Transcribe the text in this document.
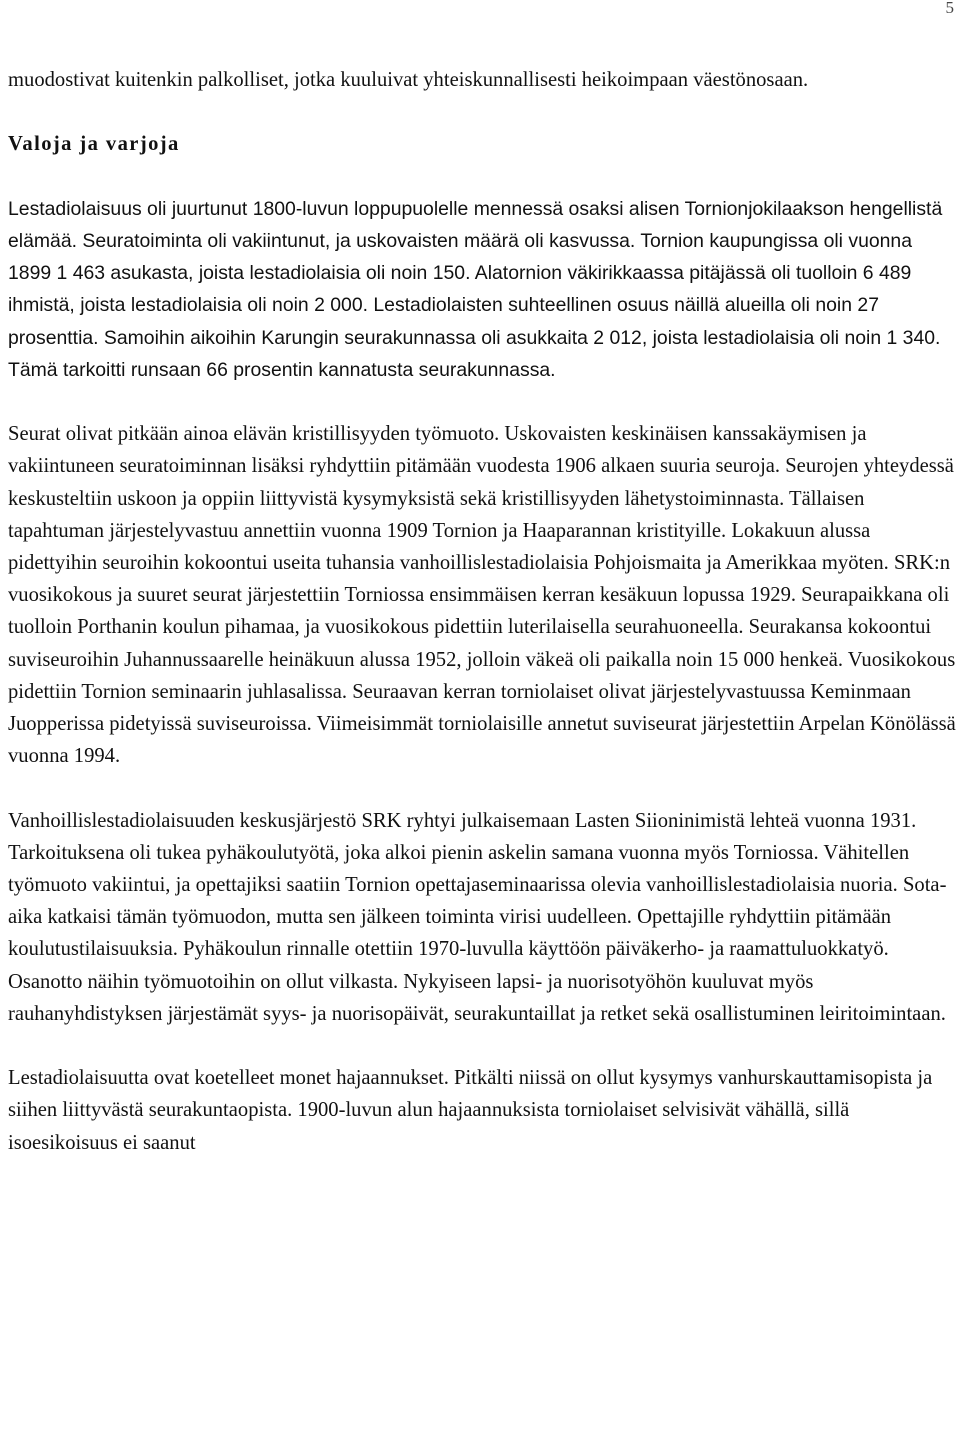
5

muodostivat kuitenkin palkolliset, jotka kuuluivat yhteiskunnallisesti heikoimpaan väestönosaan.

Valoja ja varjoja

Lestadiolaisuus oli juurtunut 1800-luvun loppupuolelle mennessä osaksi alisen Tornionjokilaakson hengellistä elämää. Seuratoiminta oli vakiintunut, ja uskovaisten määrä oli kasvussa. Tornion kaupungissa oli vuonna 1899 1 463 asukasta, joista lestadiolaisia oli noin 150. Alatornion väkirikkaassa pitäjässä oli tuolloin 6 489 ihmistä, joista lestadiolaisia oli noin 2 000. Lestadiolaisten suhteellinen osuus näillä alueilla oli noin 27 prosenttia. Samoihin aikoihin Karungin seurakunnassa oli asukkaita 2 012, joista lestadiolaisia oli noin 1 340. Tämä tarkoitti runsaan 66 prosentin kannatusta seurakunnassa.

Seurat olivat pitkään ainoa elävän kristillisyyden työmuoto. Uskovaisten keskinäisen kanssakäymisen ja vakiintuneen seuratoiminnan lisäksi ryhdyttiin pitämään vuodesta 1906 alkaen suuria seuroja. Seurojen yhteydessä keskusteltiin uskoon ja oppiin liittyvistä kysymyksistä sekä kristillisyyden lähetystoiminnasta. Tällaisen tapahtuman järjestelyvastuu annettiin vuonna 1909 Tornion ja Haaparannan kristityille. Lokakuun alussa pidettyihin seuroihin kokoontui useita tuhansia vanhoillislestadiolaisia Pohjoismaita ja Amerikkaa myöten. SRK:n vuosikokous ja suuret seurat järjestettiin Torniossa ensimmäisen kerran kesäkuun lopussa 1929. Seurapaikkana oli tuolloin Porthanin koulun pihamaa, ja vuosikokous pidettiin luterilaisella seurahuoneella. Seurakansa kokoontui suviseuroihin Juhannussaarelle heinäkuun alussa 1952, jolloin väkeä oli paikalla noin 15 000 henkeä. Vuosikokous pidettiin Tornion seminaarin juhlasalissa. Seuraavan kerran torniolaiset olivat järjestelyvastuussa Keminmaan Juopperissa pidetyissä suviseuroissa. Viimeisimmät torniolaisille annetut suviseurat järjestettiin Arpelan Könölässä vuonna 1994.

Vanhoillislestadiolaisuuden keskusjärjestö SRK ryhtyi julkaisemaan Lasten Siioninimistä lehteä vuonna 1931. Tarkoituksena oli tukea pyhäkoulutyötä, joka alkoi pienin askelin samana vuonna myös Torniossa. Vähitellen työmuoto vakiintui, ja opettajiksi saatiin Tornion opettajaseminaarissa olevia vanhoillislestadiolaisia nuoria. Sota-aika katkaisi tämän työmuodon, mutta sen jälkeen toiminta virisi uudelleen. Opettajille ryhdyttiin pitämään koulutustilaisuuksia. Pyhäkoulun rinnalle otettiin 1970-luvulla käyttöön päiväkerho- ja raamattuluokkatyö. Osanotto näihin työmuotoihin on ollut vilkasta. Nykyiseen lapsi- ja nuorisotyöhön kuuluvat myös rauhanyhdistyksen järjestämät syys- ja nuorisopäivät, seurakuntaillat ja retket sekä osallistuminen leiritoimintaan.

Lestadiolaisuutta ovat koetelleet monet hajaannukset. Pitkälti niissä on ollut kysymys vanhurskauttamisopista ja siihen liittyvästä seurakuntaopista. 1900-luvun alun hajaannuksista torniolaiset selvisivät vähällä, sillä isoesikoisuus ei saanut
